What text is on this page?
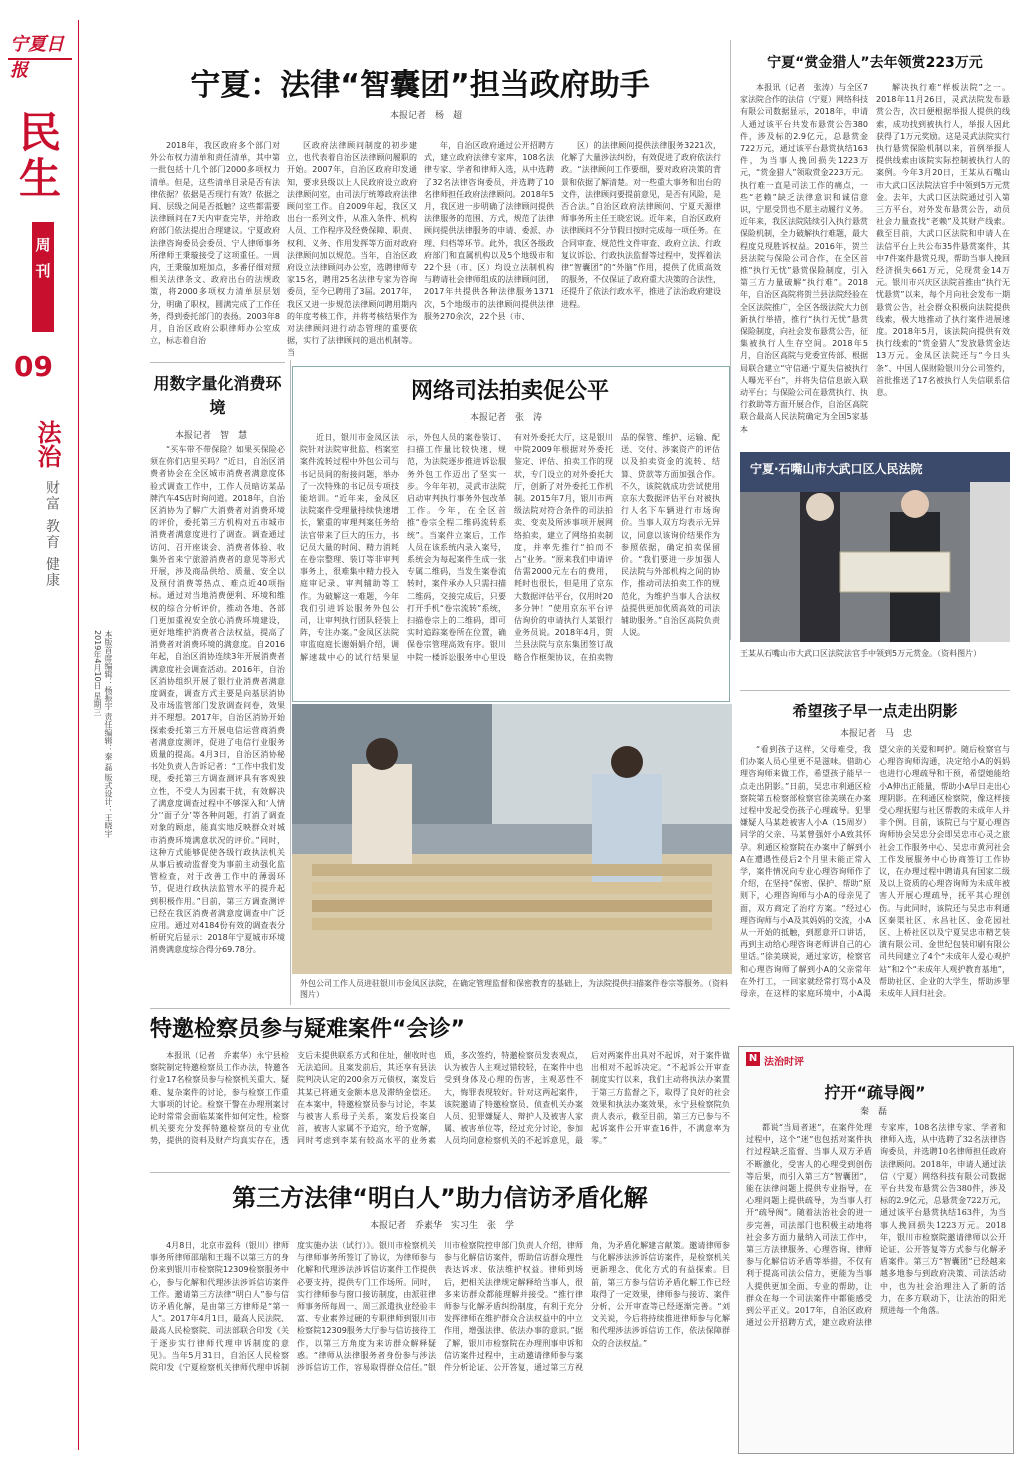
宁夏日报
民生
周刊
09
法治
财富 教育 健康
本版首席编辑：杨振宇 责任编辑：秦 磊 版式设计：王晓宇
2019年4月10日 星期三
宁夏：法律“智囊团”担当政府助手
本报记者　杨　超

2018年，我区政府多个部门对外公布权力清单和责任清单，其中第一批包括十几个部门2000多项权力清单。但是，这些清单目录是否有法律依据？依据是否现行有效？依据之间、层级之间是否抵触？这些都需要法律顾问在7天内审查完毕，并给政府部门依法提出合理建议。宁夏政府法律咨询委员会委员、宁人律师事务所律师王秉璇接受了这项重任。一周内，王秉璇加班加点，多番仔细对照相关法律条文、政府出台的法规政策，将2000多项权力清单层层划分，明确了职权，圆满完成了工作任务，得到委托部门的表扬。2003年8月，自治区政府公职律师办公室成立，标志着自治

区政府法律顾问制度的初步建立，也代表着自治区法律顾问履职的开始。2007年，自治区政府印发通知，要求县级以上人民政府设立政府法律顾问室，由司法厅统筹政府法律顾问室工作。自2009年起，我区又出台一系列文件，从准入条件、机构人员、工作程序及经费保障、职责、权利、义务、作用发挥等方面对政府法律顾问加以规范。当年，自治区政府设立法律顾问办公室，选聘律师专家15名，聘用25名法律专家为咨询委员，至今已聘用了3届。2017年，我区又进一步规范法律顾问聘用期内的年度考核工作，并将考核结果作为对法律顾问进行动态管理的重要依据，实行了法律顾问的退出机制等。当

年，自治区政府通过公开招聘方式，建立政府法律专家库，108名法律专家、学者和律师入选，从中选聘了32名法律咨询委员，并选聘了10名律师担任政府法律顾问。2018年5月，我区进一步明确了法律顾问提供法律服务的范围、方式，规范了法律顾问提供法律服务的申请、委派、办理、归档等环节。此外，我区各级政府部门和直属机构以及5个地级市和22个县（市、区）均设立法制机构与聘请社会律师组成的法律顾问团，2017年共提供各种法律服务1371次，5个地级市的法律顾问提供法律服务270余次，22个县（市、

区）的法律顾问提供法律服务3221次，化解了大量涉法纠纷，有效促进了政府依法行政。“法律顾问工作要细，要对政府决策的背景和依据了解清楚。对一些重大事务和出台的文件，法律顾问要提前意见，是否有风险，是否合法。”自治区政府法律顾问、宁夏天源律师事务所主任王晓宏说。近年来，自治区政府法律顾问不分节假日按时完成每一项任务。在合同审查、规范性文件审查、政府立法、行政复议诉讼、行政执法监督等过程中，发挥着法律“智囊团”的“外脑”作用，提供了优质高效的服务，不仅保证了政府重大决策的合法性，还提升了依法行政水平，推进了法治政府建设进程。

宁夏“赏金猎人”去年领赏223万元

本报讯（记者　张涛）与全区7家法院合作的法信（宁夏）网络科技有限公司数据显示，2018年，申请人通过该平台共发布悬赏公告380件，涉及标的2.9亿元，总悬赏金722万元，通过该平台悬赏执结163件，为当事人挽回损失1223万元，“赏金猎人”领取赏金223万元。执行难一直是司法工作的痛点，一些“老赖”缺乏法律意识和诚信意识，宁愿受罚也不愿主动履行义务。近年来，我区法院陆续引入执行悬赏保险机制，全力破解执行难题，最大程度兑现胜诉权益。2016年，贺兰县法院与保险公司合作，在全区首推“执行无忧”悬赏保险制度，引入第三方力量破解“执行难”。2018年，自治区高院将贺兰县法院经验在全区法院推广，全区各级法院大力创新执行举措，推行“执行无忧”悬赏保险制度，向社会发布悬赏公告，征集被执行人生存空间。2018年5月，自治区高院与党委宣传部、根据局联合建立“守信通·宁夏失信被执行人曝光平台”，并将失信信息嵌入联动平台；与保险公司在悬赏执行、执行救助等方面开展合作，自治区高院联合最高人民法院确定为全国5家基本

解决执行难“样板法院”之一。2018年11月26日，灵武法院发布悬赏公告，次日便根据举报人提供的线索，成功找到被执行人，举报人因此获得了1万元奖励。这是灵武法院实行执行悬赏保险机制以来，首例举报人提供线索由该院实际控制被执行人的案例。今年3月20日，王某从石嘴山市大武口区法院法官手中领到5万元赏金。去年，大武口区法院通过引入第三方平台，对外发布悬赏公告，动员社会力量查找“老赖”及其财产线索。截至目前，大武口区法院和申请人在法信平台上共公布35件悬赏案件，其中7件案件悬赏兑现，帮助当事人挽回经济损失661万元，兑现赏金14万元。银川市兴庆区法院首推由“执行无忧悬赏”以来，每个月向社会发布一期悬赏公告，社会群众积极向法院提供线索，极大地推动了执行案件进展速度。2018年5月，该法院向提供有效执行线索的“赏金猎人”发放悬赏金达13万元。金凤区法院还与“今日头条”、中国人保财险银川分公司签约，首批推送了17名被执行人失信联系信息。

宁夏·石嘴山市大武口区人民法院
王某从石嘴山市大武口区法院法官手中领到5万元赏金。（资料图片）
用数字量化消费环境
本报记者　智　慧

“买车带不带保险？如果买保险必须在你们店里买吗？”近日，自治区消费者协会在全区城市消费者满意度体验式调查工作中，工作人员暗访某品牌汽车4S店时询问道。2018年，自治区消协为了解广大消费者对消费环境的评价，委托第三方机构对五市城市消费者满意度进行了调查。调查通过访问、召开座谈会、消费者体验、收集外省来宁旅游消费者的意见等形式开展，涉及商品供给、质量、安全以及预付消费等热点、难点近40项指标。通过对当地消费便利、环境和维权的综合分析评价，推动各地、各部门更加重视安全放心消费环境建设，更好地维护消费者合法权益，提高了消费者对消费环境的满意度。自2016年起，自治区消协连续3年开展消费者满意度社会调查活动。2016年，自治区消协组织开展了银行业消费者满意度调查，调查方式主要是向基层消协及市场监管部门发放调查问卷，效果并不理想。2017年，自治区消协开始探索委托第三方开展电信运营商消费者满意度测评，促进了电信行业服务质量的提高。4月3日，自治区消协秘书处负责人告诉记者：“工作中我们发现，委托第三方调查测评具有客观独立性，不受人为因素干扰，有效解决了满意度调查过程中不够深入和‘人情分’‘面子分’等各种问题，打消了调查对象的顾虑，能真实地反映群众对城市消费环境满意状况的评价。”同时，这种方式能够促使各级行政执法机关从事后被动监督变为事前主动强化监管检查，对于改善工作中的薄弱环节，促进行政执法监管水平的提升起到积极作用。”目前，第三方调查测评已经在我区消费者满意度调查中广泛应用。通过对4184份有效的调查表分析研究后显示：2018年宁夏城市环境消费满意度综合得分69.78分。

网络司法拍卖促公平
本报记者　张　涛

近日，银川市金凤区法院针对法院审批监、档案室案件流转过程中外包公司与书记员间的衔接问题，举办了一次特殊的书记员专项技能培训。“近年来，金凤区法院案件受理量持续快速增长，繁重的审理判案任务给法官带来了巨大的压力，书记员大量的时间、精力消耗在卷宗整理、装订等非审判事务上，很难集中精力投入庭审记录、审判辅助等工作。为破解这一难题，今年我们引进诉讼服务外包公司，让审判执行团队轻装上阵，专注办案。”金凤区法院审监庭庭长谢娟娟介绍，调解速裁中心的试行结果显示，外包人员的案卷装订、扫描工作量比较快速、规范，为法院逐步推进诉讼服务外包工作迈出了坚实一步。今年年初，灵武市法院启动审判执行事务外包改革工作。今年，在全区首推“卷宗全程二维码流转系统”。当案件立案后，工作人员在该系统内录入案号，系统会为每起案件生成一张专属二维码，当发生案卷流转时，案件承办人只需扫描二维码，交接完成后，只要打开手机“卷宗流转”系统，扫描卷宗上的二维码，即可实时追踪案卷所在位置，确保卷宗管理高效有序。银川中院一楼诉讼服务中心里设有对外委托大厅，这是银川中院2009年根据对外委托鉴定、评估、拍卖工作的现状，专门设立的对外委托大厅，创新了对外委托工作机制。2015年7月，银川市两级法院对符合条件的司法拍卖、变卖及所涉事项开展网络拍卖，建立了网络拍卖制度，并率先推行“拍而不占”业务。“原来我们申请评估需2000元左右的费用，耗时也很长，但是用了京东大数据评估平台，仅用时20多分钟！”使用京东平台评估询价的申请执行人某银行业务员说。2018年4月，贺兰县法院与京东集团签订战略合作框架协议，在拍卖物品的保管、维护、运输、配送、交付、涉案资产的评估以及拍卖资金的流转、结算、贷款等方面加强合作。不久，该院就成功尝试使用京东大数据评估平台对被执行人名下车辆进行市场询价。当事人双方均表示无异议，同意以该询价结果作为参照依据，确定拍卖保留价。“我们要进一步加强人民法院与外部机构之间的协作，推动司法拍卖工作的规范化，为维护当事人合法权益提供更加优质高效的司法辅助服务。”自治区高院负责人说。

外包公司工作人员进驻银川市金凤区法院，在确定管理监督和保密教育的基础上，为法院提供扫描案件卷宗等服务。（资料图片）
希望孩子早一点走出阴影
本报记者　马　忠

“看到孩子这样，父母难受，我们办案人员心里更不是滋味。借助心理咨询师来做工作，希望孩子能早一点走出阴影。”日前，吴忠市利通区检察院第五检察部检察官徐美瑛在办案过程中发起受伤孩子心理疏导。犯罪嫌疑人马某趁被害人小A（15周岁）同学的父亲、马某曾强奸小A致其怀孕。利通区检察院在办案中了解到小A在遭遇性侵后2个月里未能正常入学，案件情况向专业心理咨询师作了介绍，在坚持“保密、保护、帮助”原则下，心理咨询师与小A的母亲见了面，双方商定了治疗方案。“经过心理咨询师与小A及其妈妈的交流，小A从一开始的抵触，到愿意开口讲话，再到主动给心理咨询老师讲自己的心里话。”徐美瑛说，通过家访，检察官和心理咨询师了解到小A的父亲常年在外打工，一回家就经常打骂小A及母亲，在这样的家庭环境中，小A渴望父亲的关爱和呵护。随后检察官与心理咨询师沟通，决定给小A的妈妈也进行心理疏导和干预，希望她能给小A伸出正能量，帮助小A早日走出心理阴影。在利通区检察院，像这样接受心理抚慰与社区帮教的未成年人并非个例。目前，该院已与宁夏心理咨询师协会吴忠分会即吴忠市心灵之旅社会工作服务中心、吴忠市黄河社会工作发展服务中心协商签订工作协议，在办理过程中聘请具有国家二级及以上资质的心理咨询师为未成年被害人开展心理疏导，抚平其心理创伤。与此同时，该院还与吴忠市利通区秦渠社区、永昌社区、金花园社区、上桥社区以及宁夏吴忠市精艺装潢有限公司、金世纪包装印刷有限公司共同建立了4个“未成年人爱心观护站”和2个“未成年人观护教育基地”，帮助社区、企业的大学生，帮助涉罪未成年人回归社会。

特邀检察员参与疑难案件“会诊”

本报讯（记者　乔素华）永宁县检察院制定特邀检察员工作办法，特邀各行业17名检察员参与检察机关重大、疑难、复杂案件的讨论，参与检察工作重大事项的讨论。检察干警在办理刑案讨论时常常会面临某案件如何定性，检察机关要充分发挥特邀检察员的专业优势，提供的资料及财产均真实存在，透支后未提供联系方式和住址，催收时也无法追回。且案发前后，其还享有县法院判决认定的200余万元债权，案发后其某已将通支金额本息及滞纳金偿还。在本案中，特邀检察员参与讨论，李某与被害人系母子关系，案发后投案自首，被害人家属不予追究，给予宽解，同时考虑到李某有较高水平的业务素质，多次签约，特邀检察员发表观点，认为被告人主观过错较轻，在案件中也受到身体及心理的伤害，主观恶性不大，悔罪表现较好。针对这两起案件，该院邀请了特邀检察员、侦查机关办案人员、犯罪嫌疑人、辩护人及被害人家属、被害单位等，经过充分讨论，参加人员均同意检察机关的不起诉意见，最后对两案件出具对不起诉，对于案件做出相对不起诉决定。“不起诉公开审查制度实行以来，我们主动将执法办案置于第三方监督之下，取得了良好的社会效果和执法办案效果，永宁县检察院负责人表示，截至目前，第三方已参与不起诉案件公开审查16件，不满意率为零。”

第三方法律“明白人”助力信访矛盾化解
本报记者　乔素华　实习生　张　学

4月8日，北京市盈科（银川）律师事务所律师邵瑞和王瑞不以第三方的身份来到银川市检察院12309检察服务中心，参与化解和代理涉法涉诉信访案件工作。邀请第三方法律“明白人”参与信访矛盾化解，是由第三方律师是“第一人”。2017年4月1日，最高人民法院、最高人民检察院、司法部联合印发《关于逐步实行律师代理申诉制度的意见》。当年5月31日，自治区人民检察院印发《宁夏检察机关律师代理申诉制度实施办法（试行）》。银川市检察机关与律师事务所签订了协议，为律师参与化解和代理涉法涉诉信访案件工作提供必要支持，提供专门工作场所。同时，实行律师参与窗口接访制度，由派驻律师事务所每周一、周三派遣执业经验丰富、专业素养过硬的专职律师到银川市检察院12309服务大厅参与信访接待工作，以第三方角度为来访群众解释疑惑。“律师从法律服务者身份参与涉法涉诉信访工作，容易取得群众信任。”银川市检察院控申部门负责人介绍，律师参与化解信访案件，帮助信访群众理性表达诉求、依法维护权益。律师到场后，把相关法律规定解释给当事人，很多来访群众都能理解并接受。“推行律师参与化解矛盾纠纷制度，有利于充分发挥律师在维护群众合法权益中的中立作用，增强法律、依法办事的意识。”据了解，银川市检察院在办理刑事申诉和信访案件过程中，主动邀请律师参与案件分析论证、公开答复，通过第三方视角，为矛盾化解建言献策。邀请律师参与化解涉法涉诉信访案件，是检察机关更新理念、优化方式的有益探索。目前，第三方参与信访矛盾化解工作已经取得了一定效果，律师参与接访、案件分析、公开审查等已经逐渐完善。“刘文关说，今后将持续推进律师参与化解和代理涉法涉诉信访工作，依法保障群众的合法权益。”

N 法治时评
拧开“疏导阀”
秦　磊

都说“当局者迷”，在案件处理过程中，这个“迷”也包括对案件执行过程缺乏监督、当事人双方矛盾不断激化，受害人的心理受到创伤等后果，而引入第三方“智囊团”，能在法律问题上提供专业指导，在心理问题上提供疏导，为当事人打开“疏导阀”。随着法治社会的进一步完善，司法部门也积极主动地将社会多方面力量纳入司法工作中，第三方法律服务、心理咨询、律师参与化解信访矛盾等举措，不仅有利于提高司法公信力，更能为当事人提供更加全面、专业的帮助，让群众在每一个司法案件中都能感受到公平正义。2017年，自治区政府通过公开招聘方式，建立政府法律专家库，108名法律专家、学者和律师入选，从中选聘了32名法律咨询委员，并选聘10名律师担任政府法律顾问。2018年，申请人通过法信（宁夏）网络科技有限公司数据平台共发布悬赏公告380件，涉及标的2.9亿元，总悬赏金722万元，通过该平台悬赏执结163件，为当事人挽回损失1223万元。2018年，银川市检察院邀请律师以公开论证、公开答复等方式参与化解矛盾案件。第三方“智囊团”已经越来越多地参与到政府决策、司法活动中，也为社会治理注入了新的活力，在多方联动下，让法治的阳光照进每一个角落。
